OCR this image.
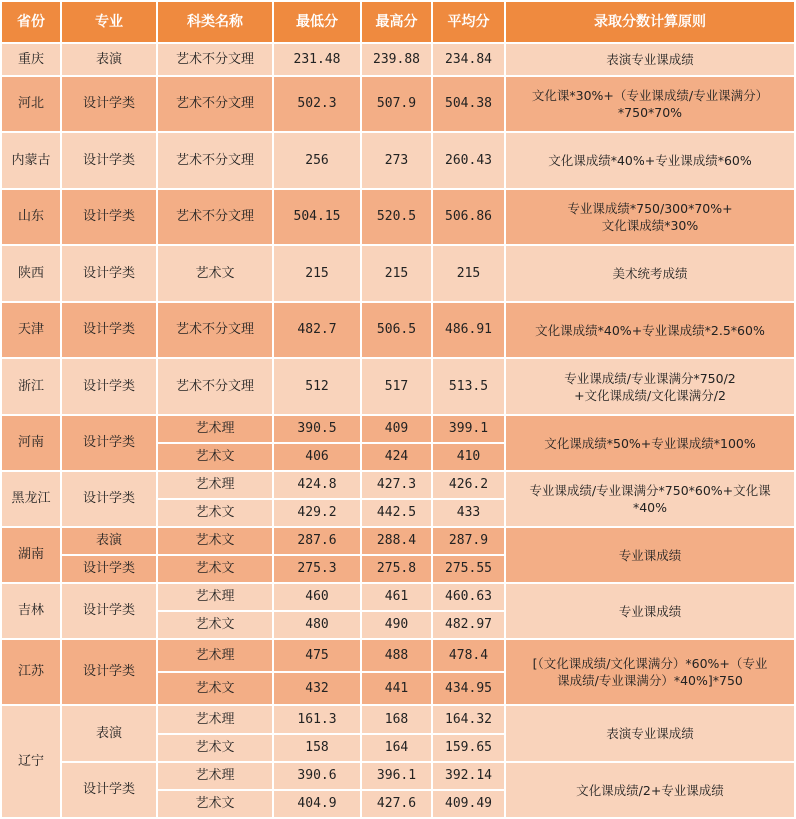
省份	专业	科类名称	最低分	最高分	平均分	录取分数计算原则
重庆	表演	艺术不分文理	231.48	239.88	234.84	表演专业课成绩
河北	设计学类	艺术不分文理	502.3	507.9	504.38	文化课*30%+（专业课成绩/专业课满分）
*750*70%
内蒙古	设计学类	艺术不分文理	256	273	260.43	文化课成绩*40%+专业课成绩*60%
山东	设计学类	艺术不分文理	504.15	520.5	506.86	专业课成绩*750/300*70%+
文化课成绩*30%
陕西	设计学类	艺术文	215	215	215	美术统考成绩
天津	设计学类	艺术不分文理	482.7	506.5	486.91	文化课成绩*40%+专业课成绩*2.5*60%
浙江	设计学类	艺术不分文理	512	517	513.5	专业课成绩/专业课满分*750/2
+文化课成绩/文化课满分/2
河南	设计学类	艺术理	390.5	409	399.1	文化课成绩*50%+专业课成绩*100%
		艺术文	406	424	410	
黑龙江	设计学类	艺术理	424.8	427.3	426.2	专业课成绩/专业课满分*750*60%+文化课
*40%
		艺术文	429.2	442.5	433	
湖南	表演	艺术文	287.6	288.4	287.9	专业课成绩
	设计学类	艺术文	275.3	275.8	275.55	
吉林	设计学类	艺术理	460	461	460.63	专业课成绩
		艺术文	480	490	482.97	
江苏	设计学类	艺术理	475	488	478.4	[（文化课成绩/文化课满分）*60%+（专业
课成绩/专业课满分）*40%]*750
		艺术文	432	441	434.95	
辽宁	表演	艺术理	161.3	168	164.32	表演专业课成绩
		艺术文	158	164	159.65	
	设计学类	艺术理	390.6	396.1	392.14	文化课成绩/2+专业课成绩
		艺术文	404.9	427.6	409.49	
